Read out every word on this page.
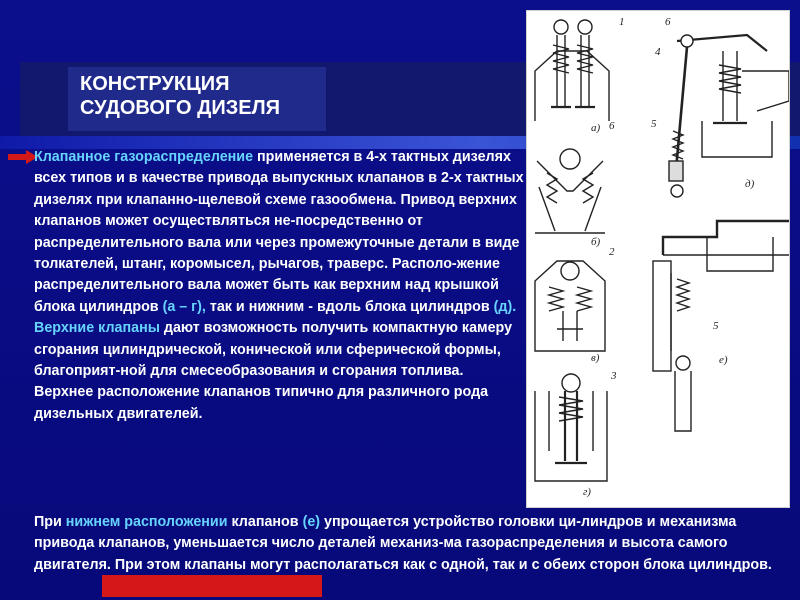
КОНСТРУКЦИЯ
СУДОВОГО ДИЗЕЛЯ
1	6
4
5
6
2
3
5
а)
б)
в)
г)
д)
е)
Клапанное газораспределение применяется в 4-х тактных дизелях всех типов и в качестве привода выпускных клапанов в 2-х тактных дизелях при клапанно-щелевой схеме газообмена. Привод верхних клапанов может осуществляться не-посредственно от распределительного вала или через промежуточные детали в виде толкателей, штанг, коромысел, рычагов, траверс. Располо-жение распределительного вала может быть как верхним над крышкой блока цилиндров (а – г), так и нижним - вдоль блока цилиндров (д). Верхние клапаны дают возможность получить компактную камеру сгорания цилиндрической, конической или сферической формы, благоприят-ной для смесеобразования и сгорания топлива. Верхнее расположение клапанов типично для различного рода дизельных двигателей.
При нижнем расположении клапанов (е) упрощается устройство головки ци-линдров и механизма привода клапанов, уменьшается число деталей механиз-ма газораспределения и высота самого двигателя. При этом клапаны могут располагаться как с одной, так и с обеих сторон блока цилиндров.
